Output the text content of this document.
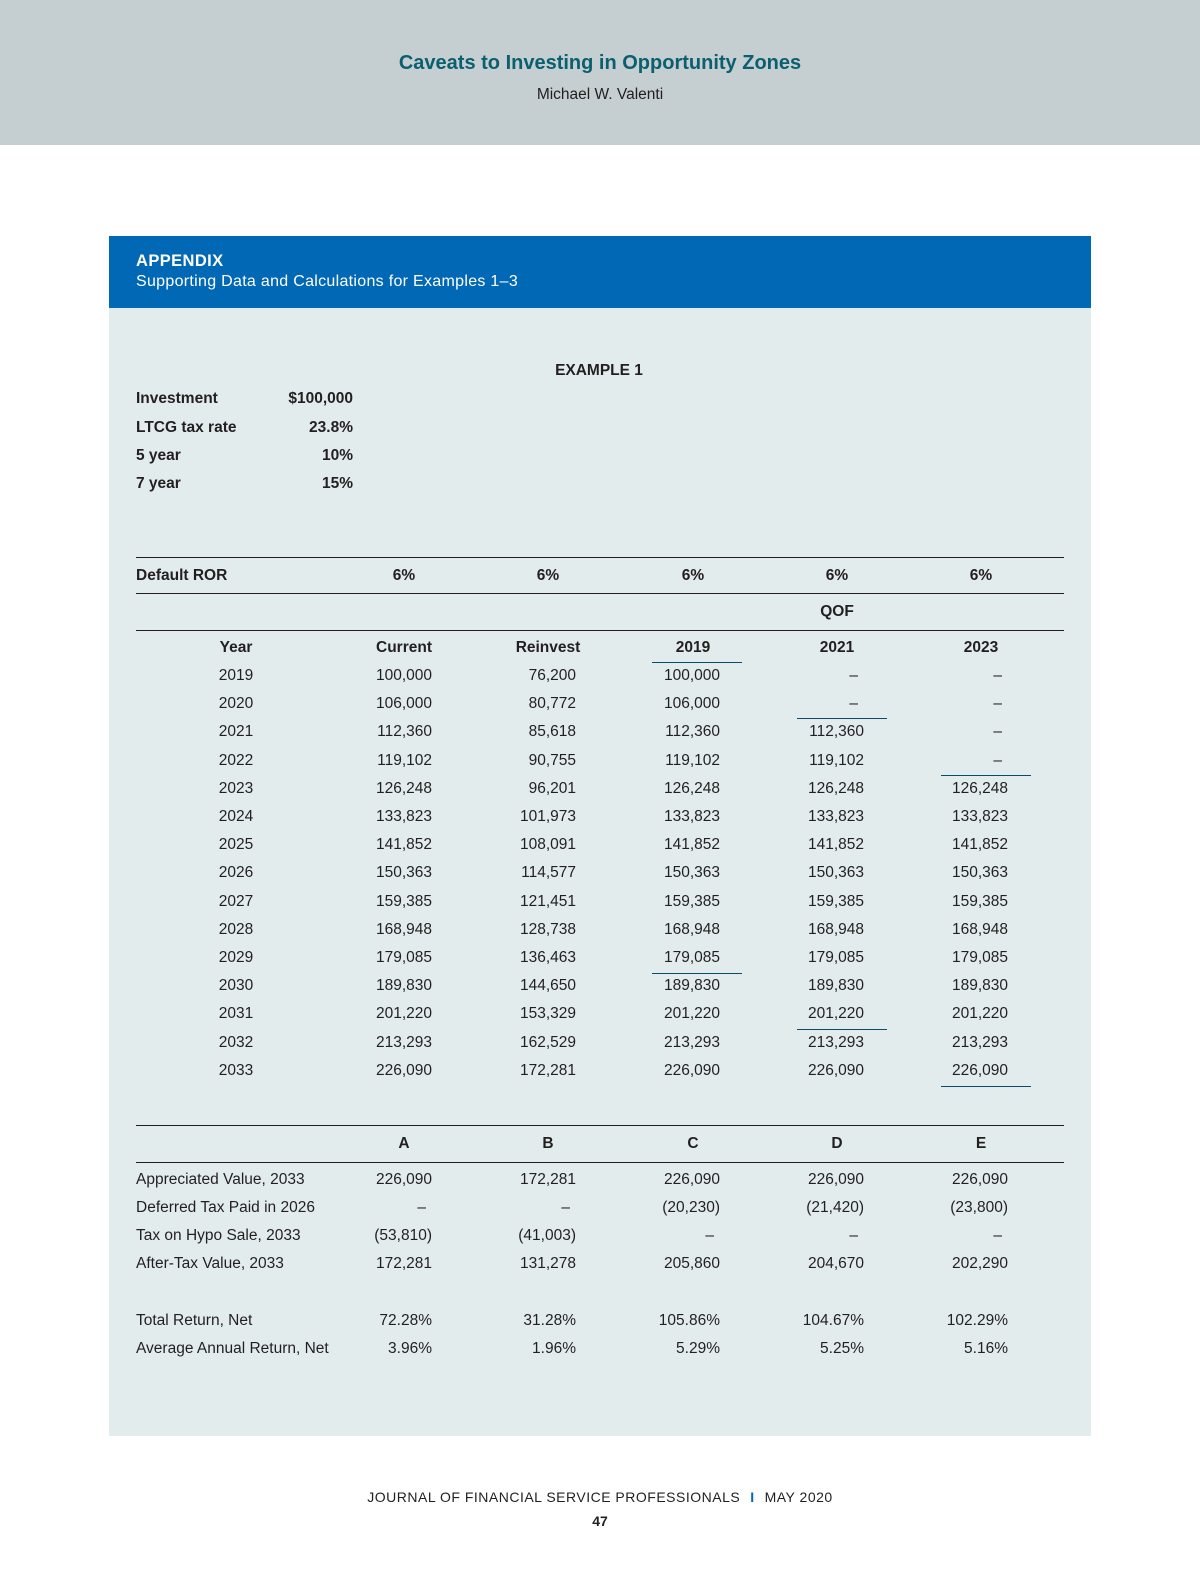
Caveats to Investing in Opportunity Zones
Michael W. Valenti
APPENDIX
Supporting Data and Calculations for Examples 1–3
EXAMPLE 1
Investment	$100,000
LTCG tax rate	23.8%
5 year	10%
7 year	15%
Default ROR	6%	6%	6%	6%	6%
QOF
Year	Current	Reinvest	2019	2021	2023
2019	100,000	76,200	100,000	–	–
2020	106,000	80,772	106,000	–	–
2021	112,360	85,618	112,360	112,360	–
2022	119,102	90,755	119,102	119,102	–
2023	126,248	96,201	126,248	126,248	126,248
2024	133,823	101,973	133,823	133,823	133,823
2025	141,852	108,091	141,852	141,852	141,852
2026	150,363	114,577	150,363	150,363	150,363
2027	159,385	121,451	159,385	159,385	159,385
2028	168,948	128,738	168,948	168,948	168,948
2029	179,085	136,463	179,085	179,085	179,085
2030	189,830	144,650	189,830	189,830	189,830
2031	201,220	153,329	201,220	201,220	201,220
2032	213,293	162,529	213,293	213,293	213,293
2033	226,090	172,281	226,090	226,090	226,090
A	B	C	D	E
Appreciated Value, 2033	226,090	172,281	226,090	226,090	226,090
Deferred Tax Paid in 2026	–	–	(20,230)	(21,420)	(23,800)
Tax on Hypo Sale, 2033	(53,810)	(41,003)	–	–	–
After-Tax Value, 2033	172,281	131,278	205,860	204,670	202,290
Total Return, Net	72.28%	31.28%	105.86%	104.67%	102.29%
Average Annual Return, Net	3.96%	1.96%	5.29%	5.25%	5.16%
JOURNAL OF FINANCIAL SERVICE PROFESSIONALS I MAY 2020
47
